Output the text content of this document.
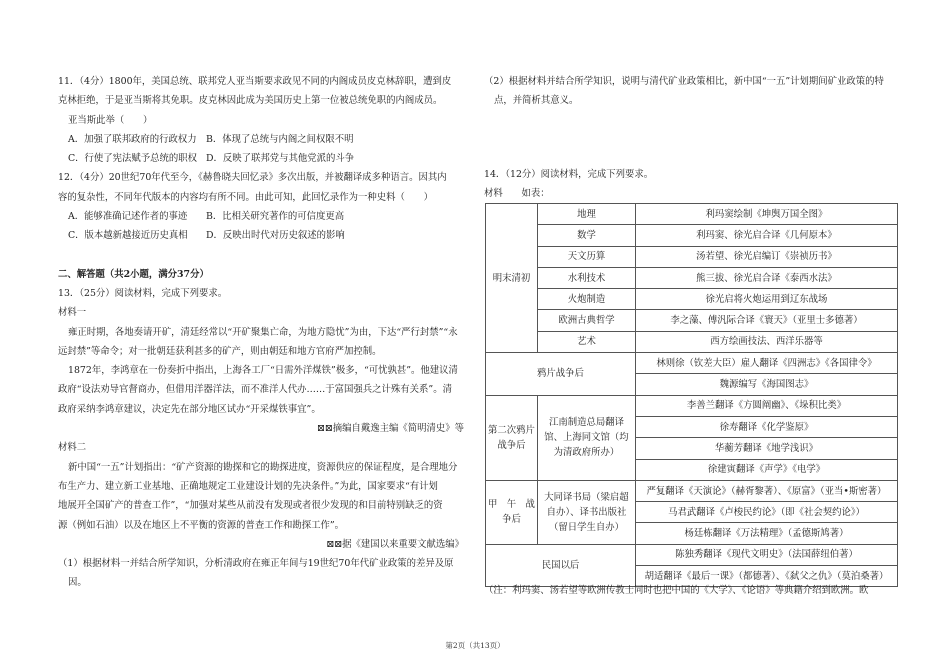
11．（4分）1800年，美国总统、联邦党人亚当斯要求政见不同的内阁成员皮克林辞职，遭到皮

克林拒绝，于是亚当斯将其免职。皮克林因此成为美国历史上第一位被总统免职的内阁成员。

亚当斯此举（　　）

A．加强了联邦政府的行政权力 B．体现了总统与内阁之间权限不明
C．行使了宪法赋予总统的职权 D．反映了联邦党与其他党派的斗争

12．（4分）20世纪70年代至今，《赫鲁晓夫回忆录》多次出版，并被翻译成多种语言。因其内

容的复杂性，不同年代版本的内容均有所不同。由此可知，此回忆录作为一种史料（　　）

A．能够准确记述作者的事迹	B．比相关研究著作的可信度更高
C．版本越新越接近历史真相	D．反映出时代对历史叙述的影响

二、解答题（共2小题，满分37分）

13．（25分）阅读材料，完成下列要求。

材料一

雍正时期，各地奏请开矿，清廷经常以“开矿聚集亡命，为地方隐忧”为由，下达“严行封禁”“永

远封禁”等命令；对一批朝廷获利甚多的矿产，则由朝廷和地方官府严加控制。

1872年，李鸿章在一份奏折中指出，上海各工厂“日需外洋煤铁”极多，“可忧孰甚”。他建议清

政府“设法劝导官督商办，但借用洋器洋法，而不准洋人代办……于富国强兵之计殊有关系”。清

政府采纳李鸿章建议，决定先在部分地区试办“开采煤铁事宜”。

⊠⊠摘编自戴逸主编《简明清史》等

材料二

新中国“一五”计划指出：“矿产资源的勘探和它的勘探进度，资源供应的保证程度，是合理地分

布生产力、建立新工业基地、正确地规定工业建设计划的先决条件。”为此，国家要求“有计划

地展开全国矿产的普查工作”，“加强对某些从前没有发现或者很少发现的和目前特别缺乏的资

源（例如石油）以及在地区上不平衡的资源的普查工作和勘探工作”。

⊠⊠据《建国以来重要文献选编》

（1）根据材料一并结合所学知识，分析清政府在雍正年间与19世纪70年代矿业政策的差异及原

因。

（2）根据材料并结合所学知识，说明与清代矿业政策相比，新中国“一五”计划期间矿业政策的特

点，并简析其意义。

14．（12分）阅读材料，完成下列要求。

材料　　如表：

明末清初	地理	利玛窦绘制《坤舆万国全图》
	数学	利玛窦、徐光启合译《几何原本》
	天文历算	汤若望、徐光启编订《崇祯历书》
	水利技术	熊三拔、徐光启合译《泰西水法》
	火炮制造	徐光启将火炮运用到辽东战场
	欧洲古典哲学	李之藻、傅汎际合译《寰天》（亚里士多德著）
	艺术	西方绘画技法、西洋乐器等
鸦片战争后		林则徐（钦差大臣）雇人翻译《四洲志》《各国律令》
		魏源编写《海国图志》
第二次鸦片战争后	江南制造总局翻译馆、上海同文馆（均为清政府所办）	李善兰翻译《方圆阐幽》、《垛积比类》
		徐寿翻译《化学鉴原》
		华蘅芳翻译《地学浅识》
		徐建寅翻译《声学》《电学》
甲　午　战争后	大同译书局（梁启超自办）、译书出版社（留日学生自办）	严复翻译《天演论》（赫胥黎著）、《原富》（亚当•斯密著）
		马君武翻译《卢梭民约论》（即《社会契约论》）
		杨廷栋翻译《万法精理》（孟德斯鸠著）
民国以后		陈独秀翻译《现代文明史》（法国薛纽伯著）
		胡适翻译《最后一课》（都德著）、《弑父之仇》（莫泊桑著）

（注：利玛窦、汤若望等欧洲传教士同时也把中国的《大学》、《论语》等典籍介绍到欧洲。欧

第2页（共13页）
